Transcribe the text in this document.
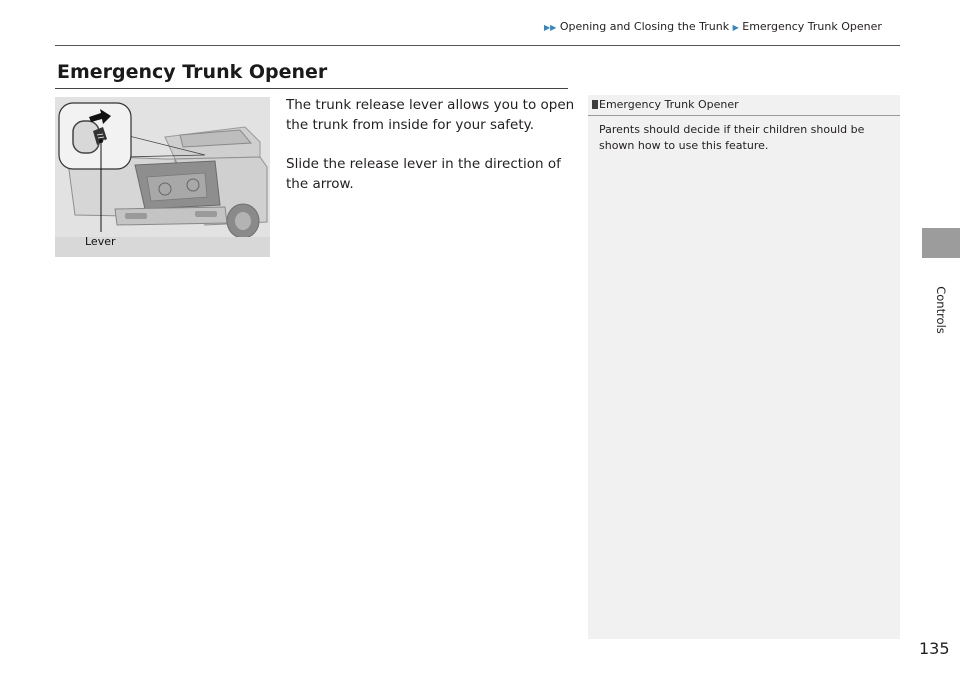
▶▶ Opening and Closing the Trunk ▶ Emergency Trunk Opener
Emergency Trunk Opener
Lever

The trunk release lever allows you to open the trunk from inside for your safety.

Slide the release lever in the direction of the arrow.

Emergency Trunk Opener
Parents should decide if their children should be shown how to use this feature.
Controls
135
